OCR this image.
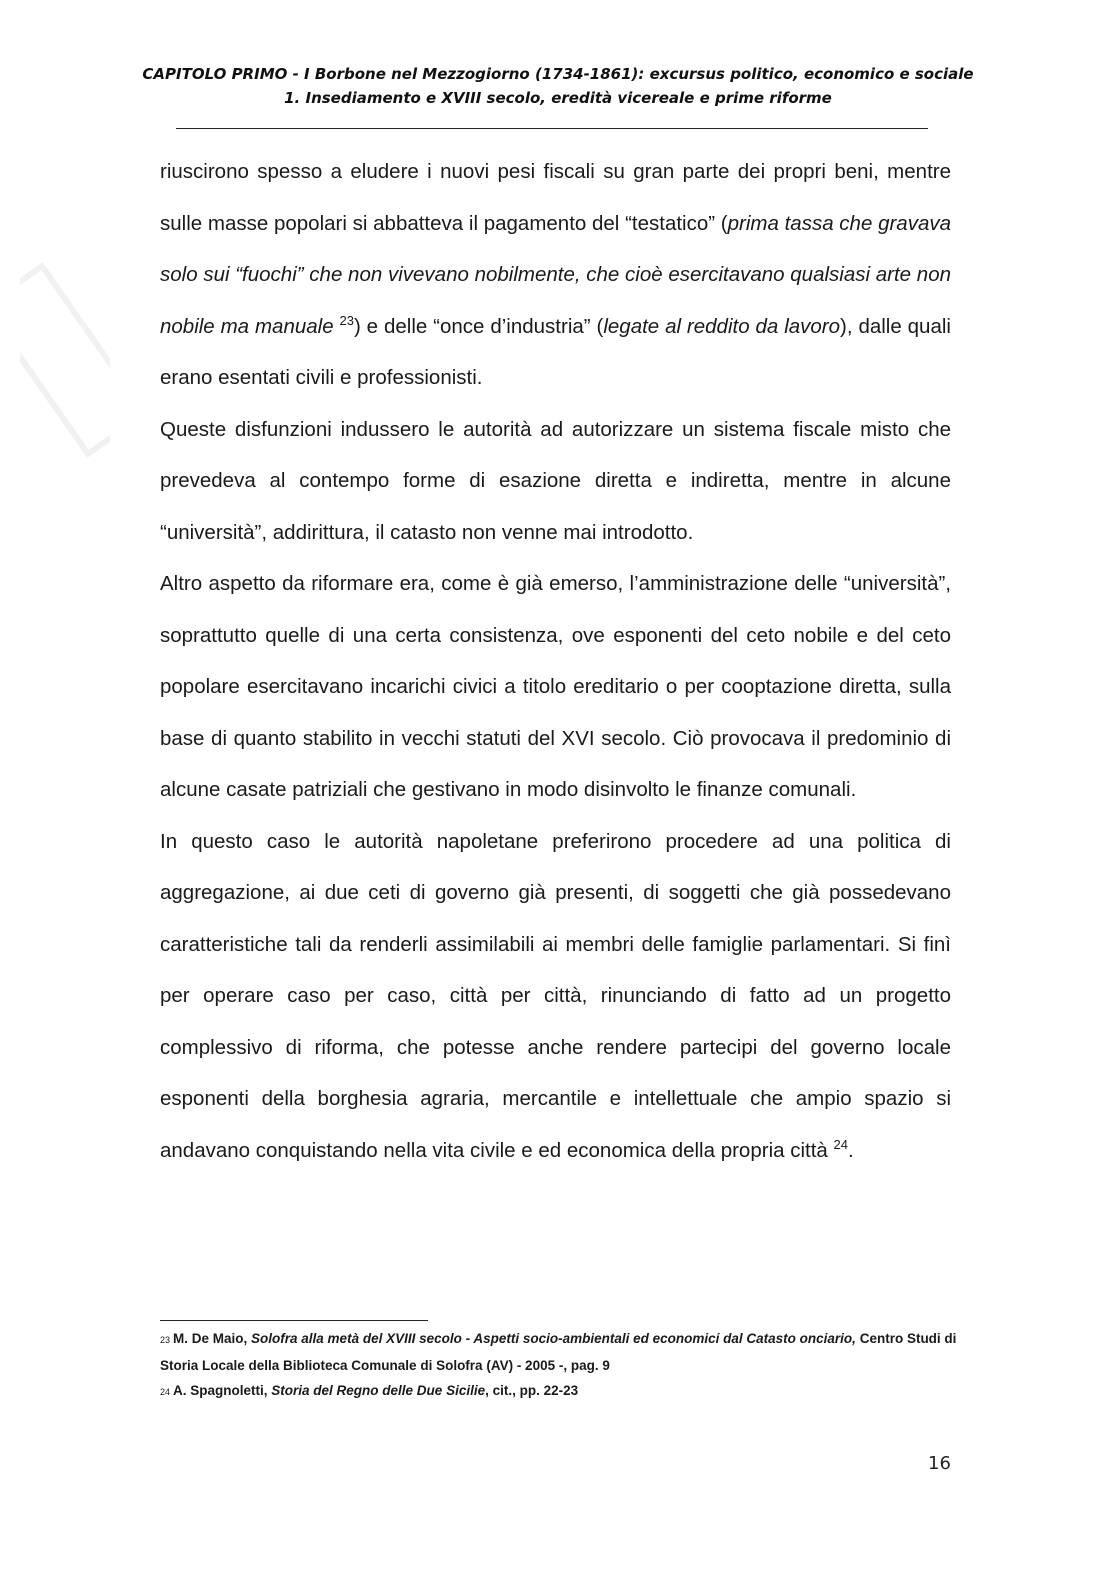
CAPITOLO PRIMO - I Borbone nel Mezzogiorno (1734-1861): excursus politico, economico e sociale
1. Insediamento e XVIII secolo, eredità vicereale e prime riforme

riuscirono spesso a eludere i nuovi pesi fiscali su gran parte dei propri beni, mentre sulle masse popolari si abbatteva il pagamento del “testatico” (prima tassa che gravava solo sui “fuochi” che non vivevano nobilmente, che cioè esercitavano qualsiasi arte non nobile ma manuale $^{23}$) e delle “once d’industria” (legate al reddito da lavoro), dalle quali erano esentati civili e professionisti.

Queste disfunzioni indussero le autorità ad autorizzare un sistema fiscale misto che prevedeva al contempo forme di esazione diretta e indiretta, mentre in alcune “università”, addirittura, il catasto non venne mai introdotto.

Altro aspetto da riformare era, come è già emerso, l’amministrazione delle “università”, soprattutto quelle di una certa consistenza, ove esponenti del ceto nobile e del ceto popolare esercitavano incarichi civici a titolo ereditario o per cooptazione diretta, sulla base di quanto stabilito in vecchi statuti del XVI secolo. Ciò provocava il predominio di alcune casate patriziali che gestivano in modo disinvolto le finanze comunali.

In questo caso le autorità napoletane preferirono procedere ad una politica di aggregazione, ai due ceti di governo già presenti, di soggetti che già possedevano caratteristiche tali da renderli assimilabili ai membri delle famiglie parlamentari. Si finì per operare caso per caso, città per città, rinunciando di fatto ad un progetto complessivo di riforma, che potesse anche rendere partecipi del governo locale esponenti della borghesia agraria, mercantile e intellettuale che ampio spazio si andavano conquistando nella vita civile e ed economica della propria città $^{24}$.

23 M. De Maio, Solofra alla metà del XVIII secolo - Aspetti socio-ambientali ed economici dal Catasto onciario, Centro Studi di Storia Locale della Biblioteca Comunale di Solofra (AV) - 2005 -, pag. 9

24 A. Spagnoletti, Storia del Regno delle Due Sicilie, cit., pp. 22-23

16
